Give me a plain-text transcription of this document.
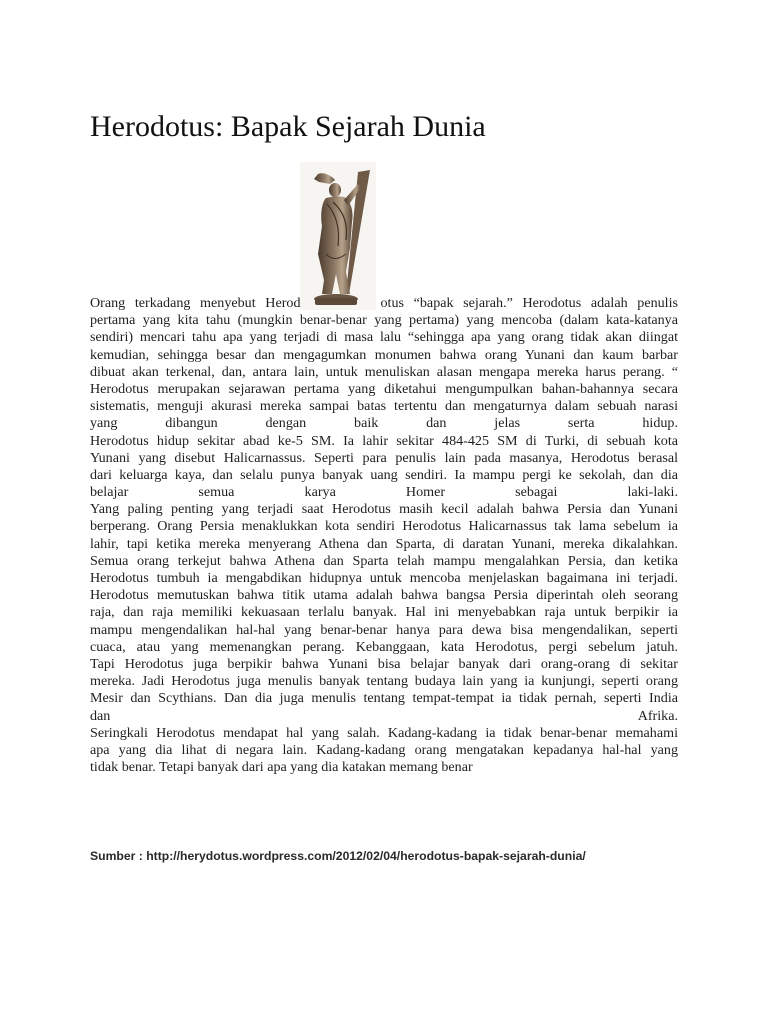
Herodotus: Bapak Sejarah Dunia
Orang terkadang menyebut Herod	otus “bapak sejarah.” Herodotus adalah penulis
pertama yang kita tahu (mungkin benar-benar yang pertama) yang mencoba (dalam kata-katanya
sendiri) mencari tahu apa yang terjadi di masa lalu “sehingga apa yang orang tidak akan diingat
kemudian, sehingga besar dan mengagumkan monumen bahwa orang Yunani dan kaum barbar
dibuat akan terkenal, dan, antara lain, untuk menuliskan alasan mengapa mereka harus perang. “
Herodotus merupakan sejarawan pertama yang diketahui mengumpulkan bahan-bahannya secara
sistematis, menguji akurasi mereka sampai batas tertentu dan mengaturnya dalam sebuah narasi
yang dibangun dengan baik dan jelas serta hidup.
Herodotus hidup sekitar abad ke-5 SM. Ia lahir sekitar 484-425 SM di Turki, di sebuah kota
Yunani yang disebut Halicarnassus. Seperti para penulis lain pada masanya, Herodotus berasal
dari keluarga kaya, dan selalu punya banyak uang sendiri. Ia mampu pergi ke sekolah, dan dia
belajar semua karya Homer sebagai laki-laki.
Yang paling penting yang terjadi saat Herodotus masih kecil adalah bahwa Persia dan Yunani
berperang. Orang Persia menaklukkan kota sendiri Herodotus Halicarnassus tak lama sebelum ia
lahir, tapi ketika mereka menyerang Athena dan Sparta, di daratan Yunani, mereka dikalahkan.
Semua orang terkejut bahwa Athena dan Sparta telah mampu mengalahkan Persia, dan ketika
Herodotus tumbuh ia mengabdikan hidupnya untuk mencoba menjelaskan bagaimana ini terjadi.
Herodotus memutuskan bahwa titik utama adalah bahwa bangsa Persia diperintah oleh seorang
raja, dan raja memiliki kekuasaan terlalu banyak. Hal ini menyebabkan raja untuk berpikir ia
mampu mengendalikan hal-hal yang benar-benar hanya para dewa bisa mengendalikan, seperti
cuaca, atau yang memenangkan perang. Kebanggaan, kata Herodotus, pergi sebelum jatuh.
Tapi Herodotus juga berpikir bahwa Yunani bisa belajar banyak dari orang-orang di sekitar
mereka. Jadi Herodotus juga menulis banyak tentang budaya lain yang ia kunjungi, seperti orang
Mesir dan Scythians. Dan dia juga menulis tentang tempat-tempat ia tidak pernah, seperti India
dan Afrika.
Seringkali Herodotus mendapat hal yang salah. Kadang-kadang ia tidak benar-benar memahami
apa yang dia lihat di negara lain. Kadang-kadang orang mengatakan kepadanya hal-hal yang
tidak benar. Tetapi banyak dari apa yang dia katakan memang benar
Sumber : http://herydotus.wordpress.com/2012/02/04/herodotus-bapak-sejarah-dunia/
